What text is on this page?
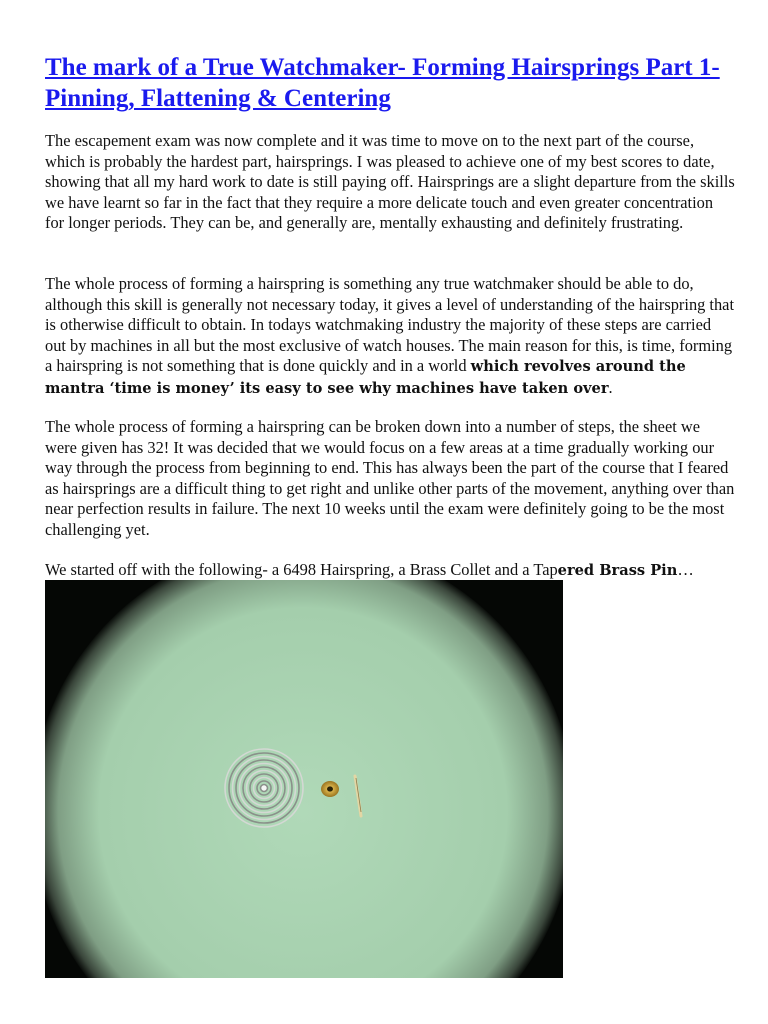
The mark of a True Watchmaker- Forming Hairsprings Part 1- Pinning, Flattening & Centering

The escapement exam was now complete and it was time to move on to the next part of the course, which is probably the hardest part, hairsprings. I was pleased to achieve one of my best scores to date, showing that all my hard work to date is still paying off. Hairsprings are a slight departure from the skills we have learnt so far in the fact that they require a more delicate touch and even greater concentration for longer periods. They can be, and generally are, mentally exhausting and definitely frustrating.

The whole process of forming a hairspring is something any true watchmaker should be able to do, although this skill is generally not necessary today, it gives a level of understanding of the hairspring that is otherwise difficult to obtain. In todays watchmaking industry the majority of these steps are carried out by machines in all but the most exclusive of watch houses. The main reason for this, is time, forming a hairspring is not something that is done quickly and in a world which revolves around the mantra ‘time is money’ its easy to see why machines have taken over.

The whole process of forming a hairspring can be broken down into a number of steps, the sheet we were given has 32! It was decided that we would focus on a few areas at a time gradually working our way through the process from beginning to end. This has always been the part of the course that I feared as hairsprings are a difficult thing to get right and unlike other parts of the movement, anything over than near perfection results in failure. The next 10 weeks until the exam were definitely going to be the most challenging yet.

We started off with the following- a 6498 Hairspring, a Brass Collet and a Tapered Brass Pin…
